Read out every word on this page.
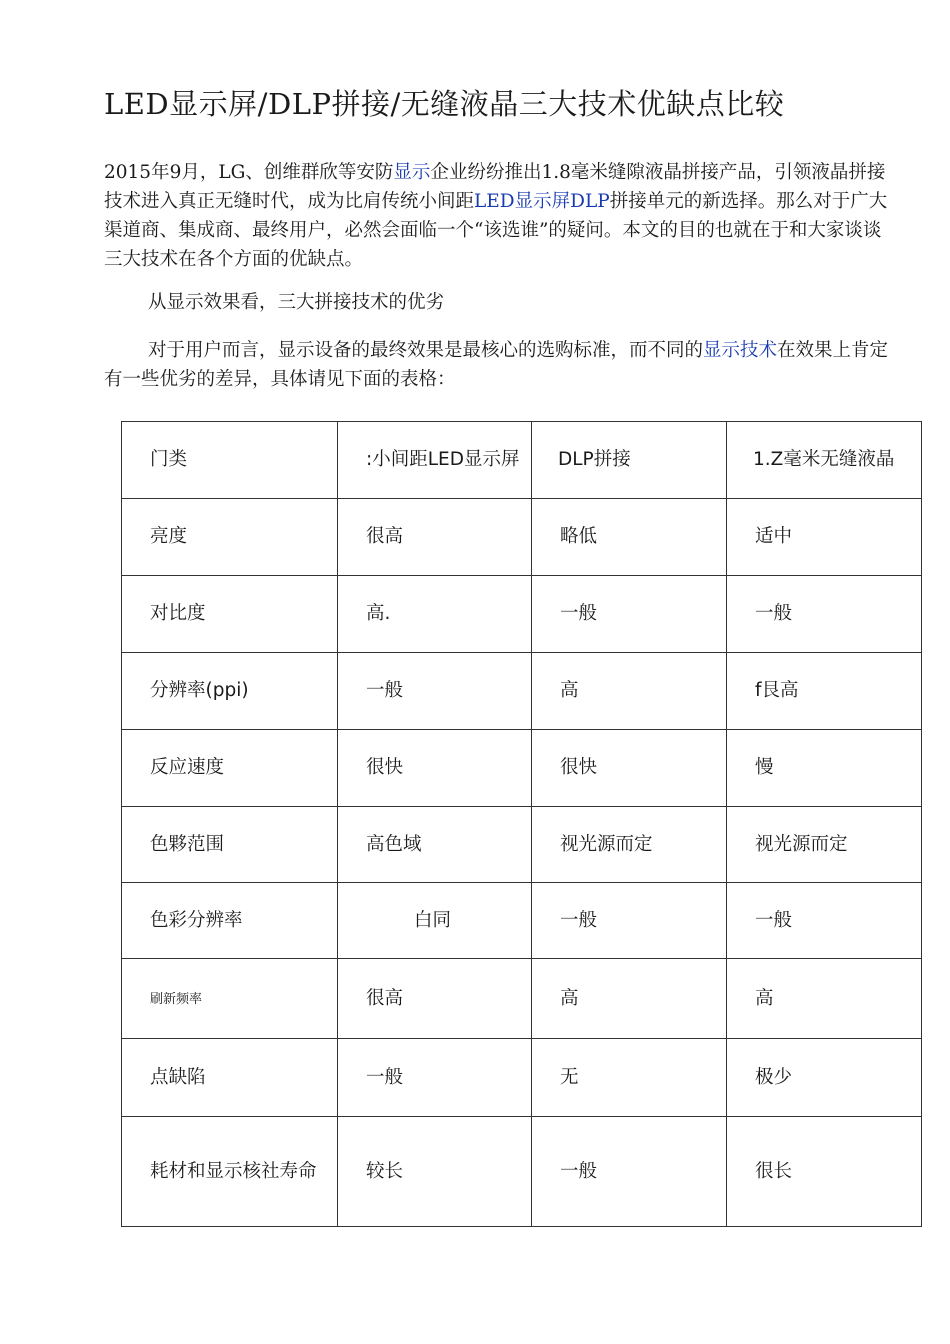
LED显示屏/DLP拼接/无缝液晶三大技术优缺点比较

2015年9月，LG、创维群欣等安防显示企业纷纷推出1.8毫米缝隙液晶拼接产品，引领液晶拼接技术进入真正无缝时代，成为比肩传统小间距LED显示屏DLP拼接单元的新选择。那么对于广大渠道商、集成商、最终用户，必然会面临一个“该选谁”的疑问。本文的目的也就在于和大家谈谈三大技术在各个方面的优缺点。

从显示效果看，三大拼接技术的优劣

对于用户而言，显示设备的最终效果是最核心的选购标准，而不同的显示技术在效果上肯定有一些优劣的差异，具体请见下面的表格：

门类	:小间距LED显示屏	DLP拼接	1.Z毫米无缝液晶

亮度	很高	略低	适中
对比度	高.	一般	一般
分辨率(ppi)	一般	高	f艮高
反应速度	很快	很快	慢
色夥范围	高色域	视光源而定	视光源而定
色彩分辨率	白同	一般	一般
刷新频率	很高	高	高
点缺陷	一般	无	极少

耗材和显示核社寿命	较长	一般	很长
